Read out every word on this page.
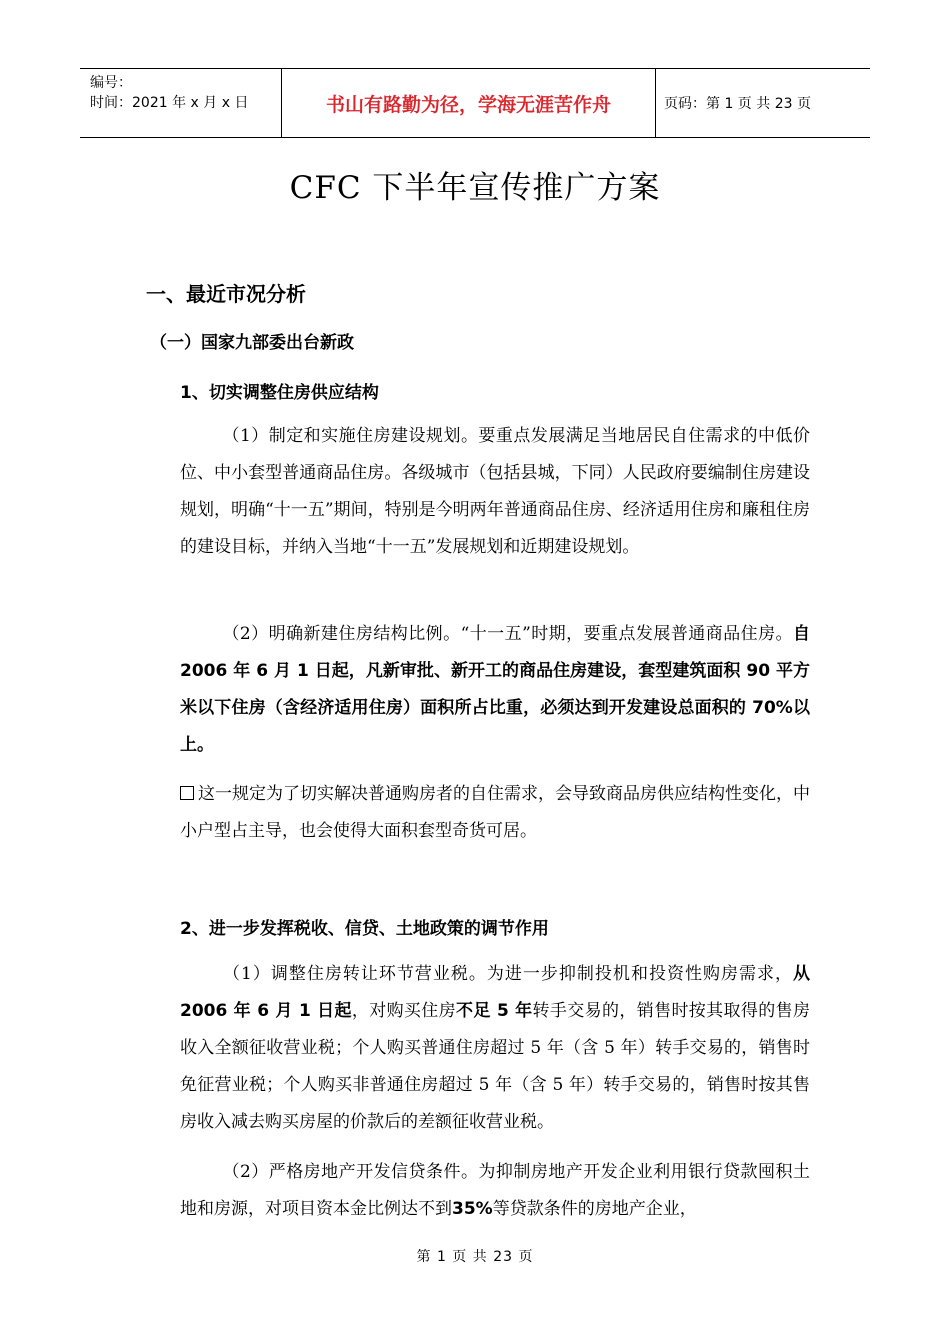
编号：
时间：2021 年 x 月 x 日	书山有路勤为径，学海无涯苦作舟	页码：第 1 页 共 23 页
CFC 下半年宣传推广方案
一、最近市况分析
（一）国家九部委出台新政
1、切实调整住房供应结构
（1）制定和实施住房建设规划。要重点发展满足当地居民自住需求的中低价位、中小套型普通商品住房。各级城市（包括县城，下同）人民政府要编制住房建设规划，明确“十一五”期间，特别是今明两年普通商品住房、经济适用住房和廉租住房的建设目标，并纳入当地“十一五”发展规划和近期建设规划。
（2）明确新建住房结构比例。“十一五”时期，要重点发展普通商品住房。自 2006 年 6 月 1 日起，凡新审批、新开工的商品住房建设，套型建筑面积 90 平方米以下住房（含经济适用住房）面积所占比重，必须达到开发建设总面积的 70%以上。
这一规定为了切实解决普通购房者的自住需求，会导致商品房供应结构性变化，中小户型占主导，也会使得大面积套型奇货可居。
2、进一步发挥税收、信贷、土地政策的调节作用
（1）调整住房转让环节营业税。为进一步抑制投机和投资性购房需求，从 2006 年 6 月 1 日起，对购买住房不足 5 年转手交易的，销售时按其取得的售房收入全额征收营业税；个人购买普通住房超过 5 年（含 5 年）转手交易的，销售时免征营业税；个人购买非普通住房超过 5 年（含 5 年）转手交易的，销售时按其售房收入减去购买房屋的价款后的差额征收营业税。
（2）严格房地产开发信贷条件。为抑制房地产开发企业利用银行贷款囤积土地和房源，对项目资本金比例达不到35%等贷款条件的房地产企业，
第 1 页 共 23 页
